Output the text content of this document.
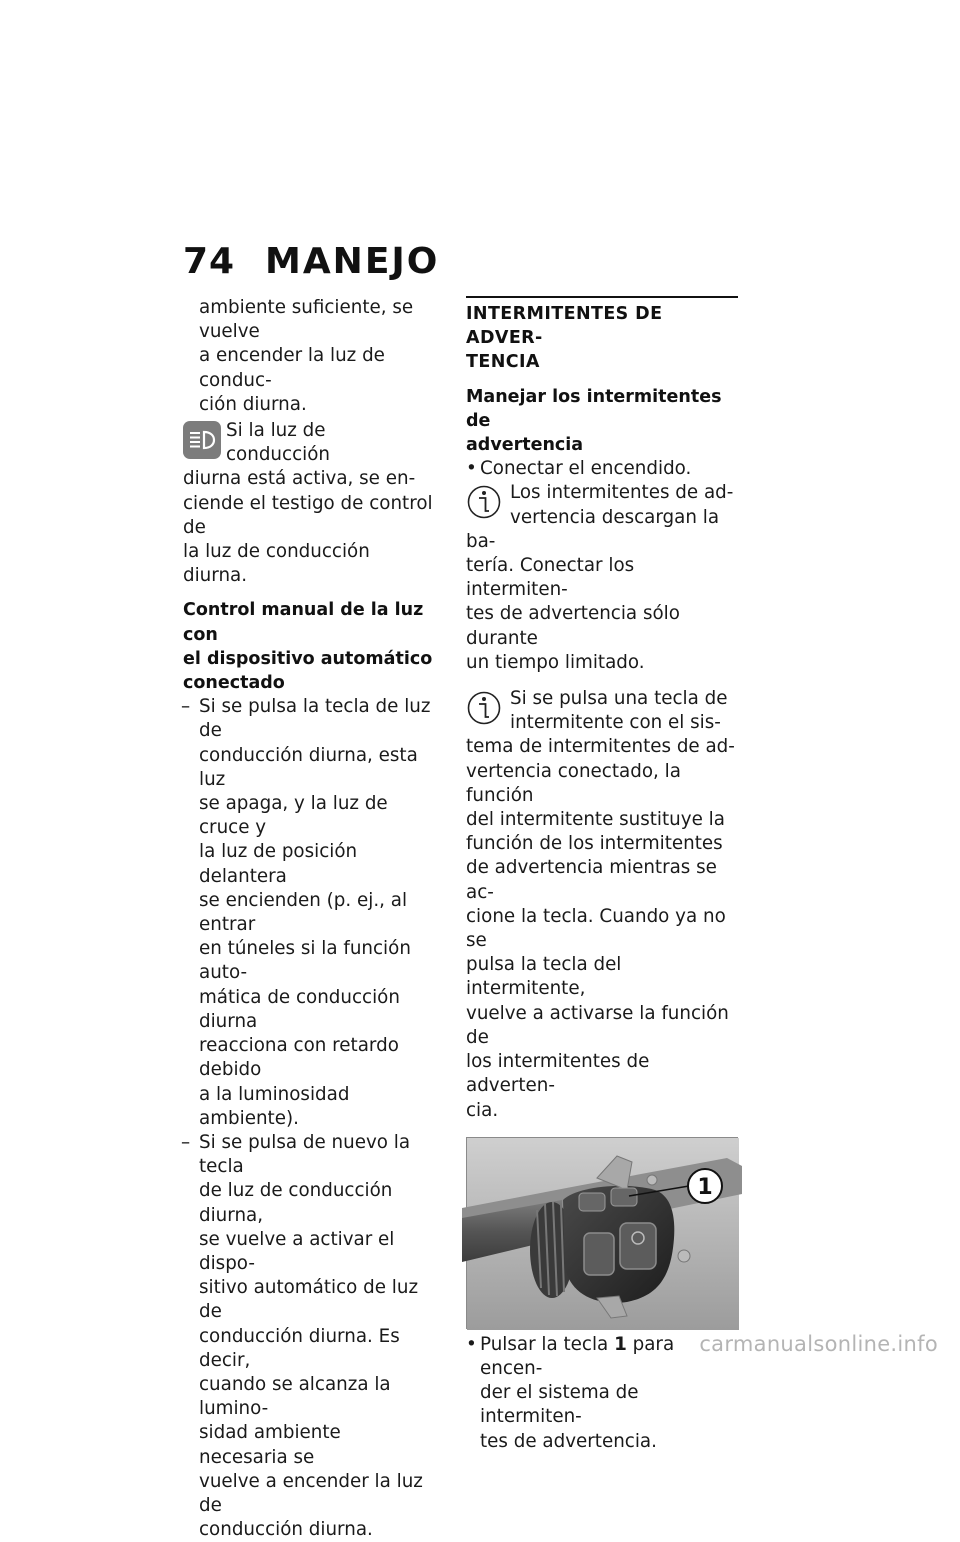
74 MANEJO

ambiente suficiente, se vuelve

a encender la luz de conduc-

ción diurna.

Si la luz de conducción

diurna está activa, se en-

ciende el testigo de control de

la luz de conducción diurna.

Control manual de la luz con
el dispositivo automático
conectado
– Si se pulsa la tecla de luz de
conducción diurna, esta luz
se apaga, y la luz de cruce y
la luz de posición delantera
se encienden (p. ej., al entrar
en túneles si la función auto-
mática de conducción diurna
reacciona con retardo debido
a la luminosidad ambiente).
– Si se pulsa de nuevo la tecla
de luz de conducción diurna,
se vuelve a activar el dispo-
sitivo automático de luz de
conducción diurna. Es decir,
cuando se alcanza la lumino-
sidad ambiente necesaria se
vuelve a encender la luz de
conducción diurna.
INTERMITENTES DE ADVER-
TENCIA
Manejar los intermitentes de
advertencia
• Conectar el encendido.

Los intermitentes de ad-

vertencia descargan la ba-

tería. Conectar los intermiten-

tes de advertencia sólo durante

un tiempo limitado.

Si se pulsa una tecla de

intermitente con el sis-

tema de intermitentes de ad-

vertencia conectado, la función

del intermitente sustituye la

función de los intermitentes

de advertencia mientras se ac-

cione la tecla. Cuando ya no se

pulsa la tecla del intermitente,

vuelve a activarse la función de

los intermitentes de adverten-

cia.

1
• Pulsar la tecla 1 para encen-
der el sistema de intermiten-
tes de advertencia.
carmanualsonline.info
